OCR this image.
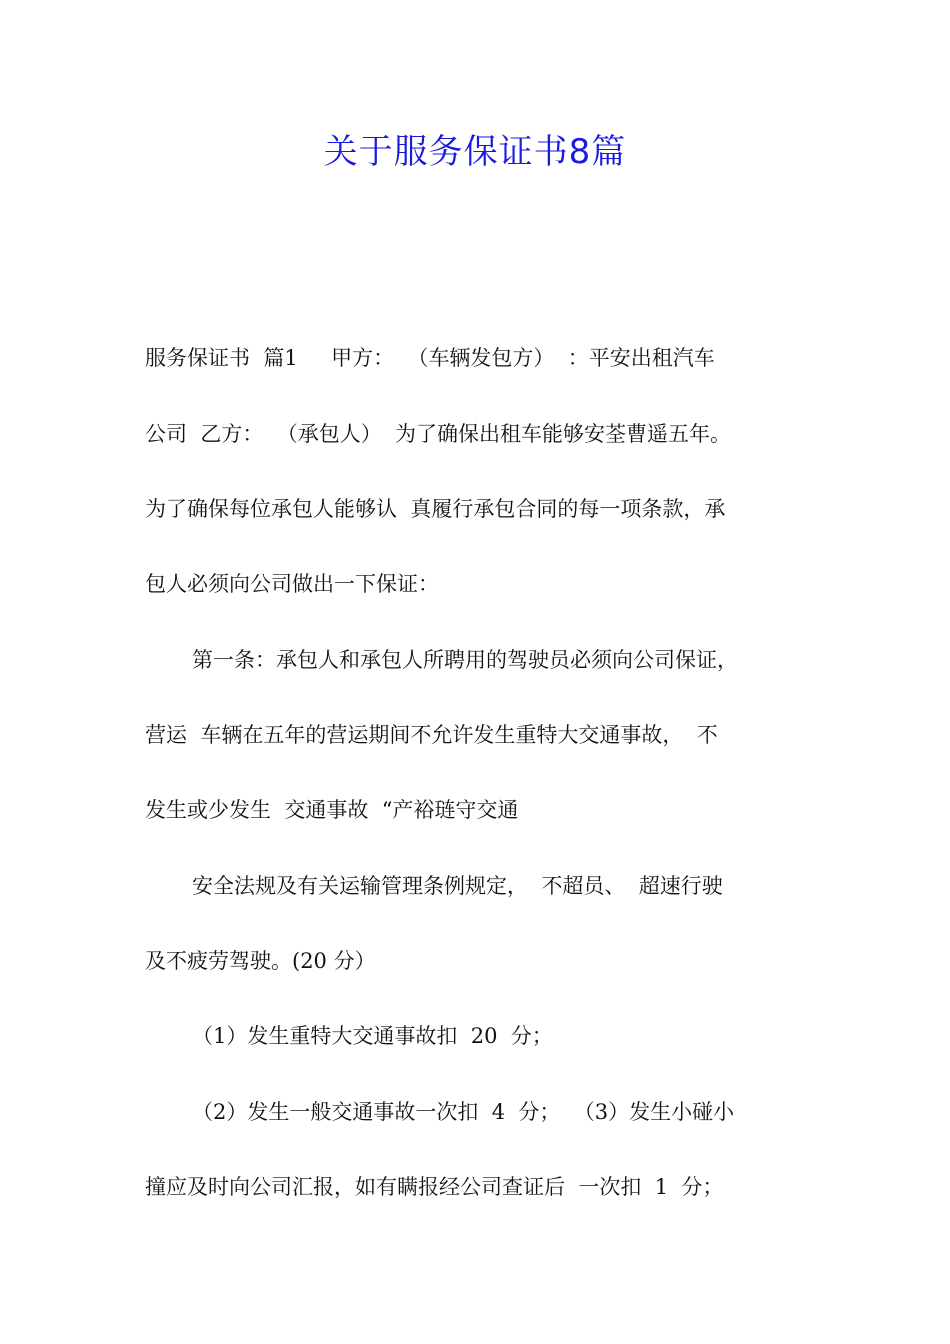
关于服务保证书8篇
服务保证书  篇1     甲方：  （车辆发包方）  ：平安出租汽车
公司  乙方：  （承包人）  为了确保出租车能够安荃曹遥五年。
为了确保每位承包人能够认  真履行承包合同的每一项条款，承
包人必须向公司做出一下保证：
第一条：承包人和承包人所聘用的驾驶员必须向公司保证，
营运  车辆在五年的营运期间不允许发生重特大交通事故，  不
发生或少发生  交通事故  “产裕琏守交通
安全法规及有关运输管理条例规定，  不超员、  超速行驶
及不疲劳驾驶。(20 分）
（1）发生重特大交通事故扣  20  分；
（2）发生一般交通事故一次扣  4  分；  （3）发生小碰小
撞应及时向公司汇报，如有瞒报经公司查证后  一次扣  1  分；
